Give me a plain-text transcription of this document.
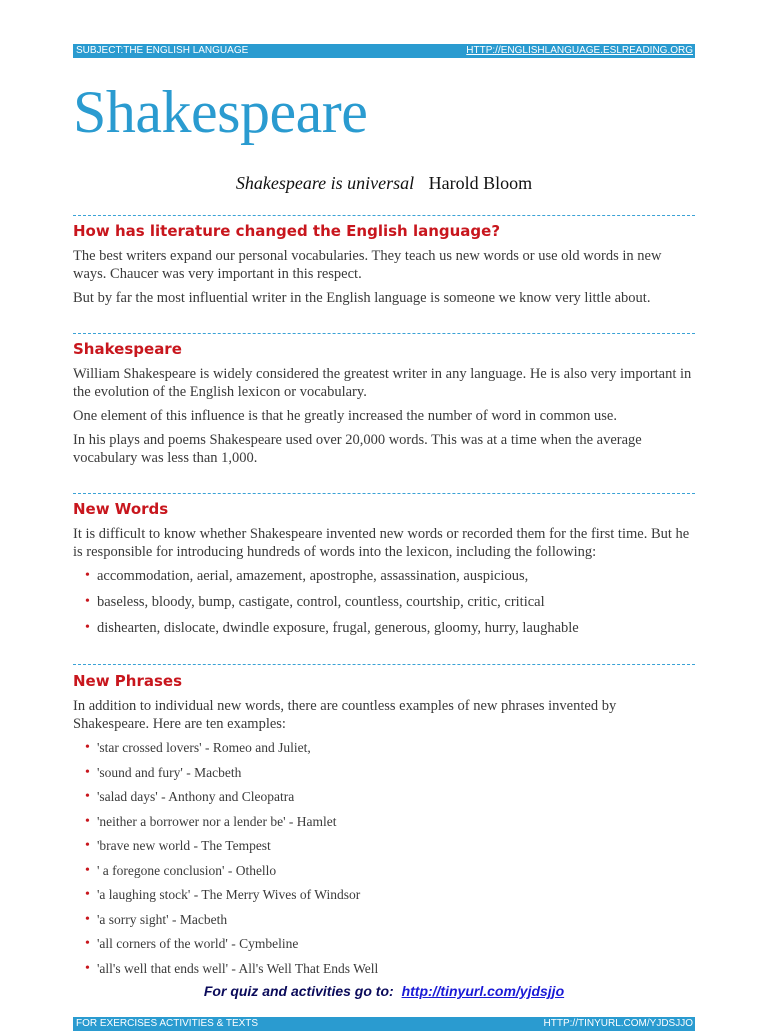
SUBJECT:THE ENGLISH LANGUAGE	HTTP://ENGLISHLANGUAGE.ESLREADING.ORG
Shakespeare
Shakespeare is universal Harold Bloom
How has literature changed the English language?

The best writers expand our personal vocabularies. They teach us new words or use old words in new ways. Chaucer was very important in this respect.

But by far the most influential writer in the English language is someone we know very little about.

Shakespeare

William Shakespeare is widely considered the greatest writer in any language. He is also very important in the evolution of the English lexicon or vocabulary.

One element of this influence is that he greatly increased the number of word in common use.

In his plays and poems Shakespeare used over 20,000 words. This was at a time when the average vocabulary was less than 1,000.

New Words

It is difficult to know whether Shakespeare invented new words or recorded them for the first time. But he is responsible for introducing hundreds of words into the lexicon, including the following:

• accommodation, aerial, amazement, apostrophe, assassination, auspicious,
• baseless, bloody, bump, castigate, control, countless, courtship, critic, critical
• dishearten, dislocate, dwindle exposure, frugal, generous, gloomy, hurry, laughable
New Phrases

In addition to individual new words, there are countless examples of new phrases invented by Shakespeare. Here are ten examples:

• 'star crossed lovers' - Romeo and Juliet,
• 'sound and fury' - Macbeth
• 'salad days' - Anthony and Cleopatra
• 'neither a borrower nor a lender be' - Hamlet
• 'brave new world - The Tempest
• ' a foregone conclusion' - Othello
• 'a laughing stock' - The Merry Wives of Windsor
• 'a sorry sight' - Macbeth
• 'all corners of the world' - Cymbeline
• 'all's well that ends well' - All's Well That Ends Well
For quiz and activities go to: http://tinyurl.com/yjdsjjo
FOR EXERCISES ACTIVITIES & TEXTS	HTTP://TINYURL.COM/YJDSJJO
